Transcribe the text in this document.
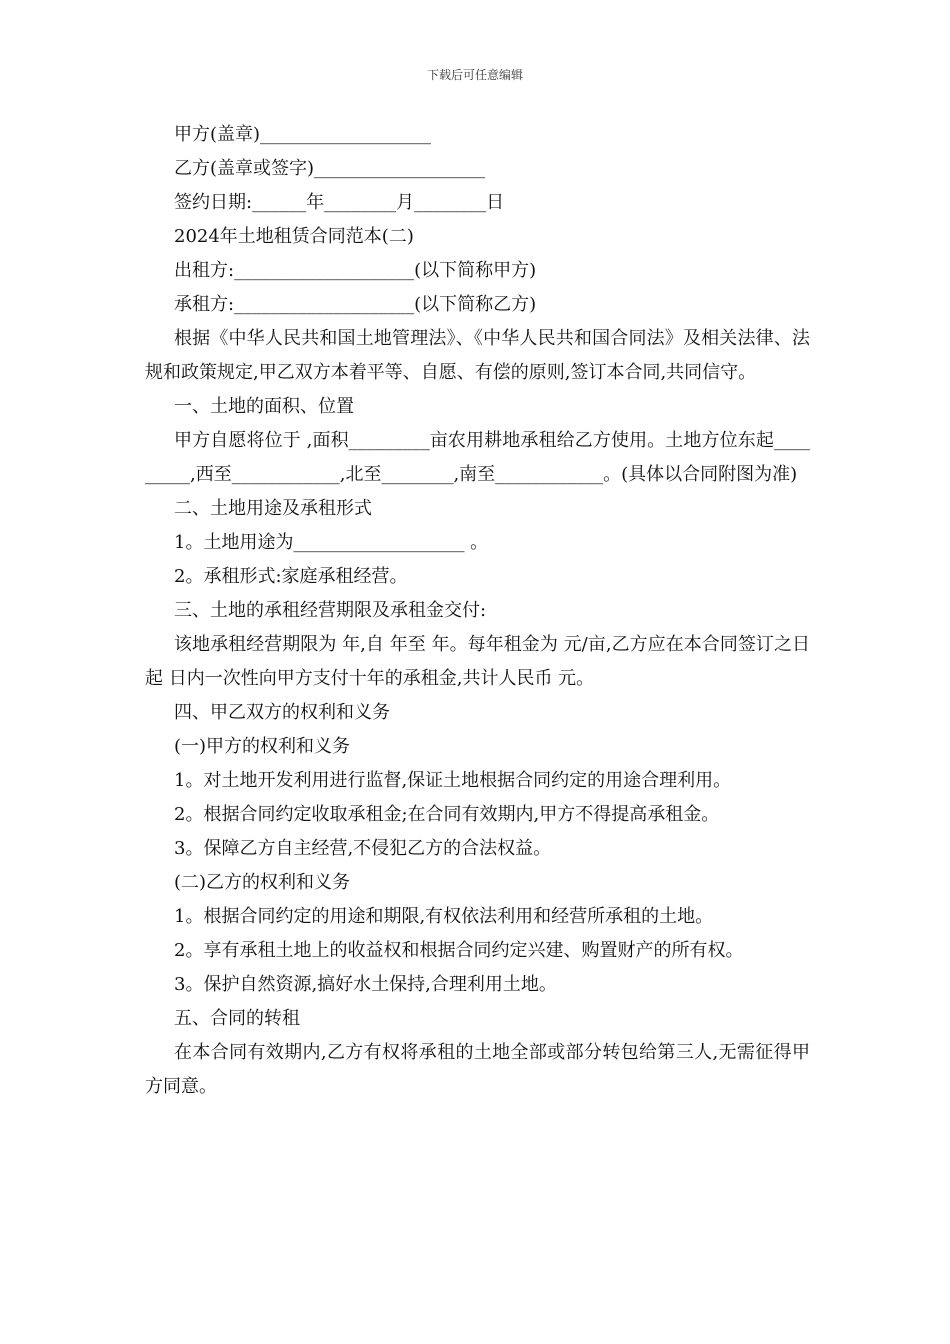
下载后可任意编辑
甲方(盖章)___________________
乙方(盖章或签字)___________________
签约日期:______年________月________日
2024年土地租赁合同范本(二)
出租方:____________________(以下简称甲方)
承租方:____________________(以下简称乙方)
根据《中华人民共和国土地管理法》、《中华人民共和国合同法》及相关法律、法规和政策规定,甲乙双方本着平等、自愿、有偿的原则,签订本合同,共同信守。
一、土地的面积、位置
甲方自愿将位于 ,面积_________亩农用耕地承租给乙方使用。土地方位东起_________,西至____________,北至________,南至____________。(具体以合同附图为准)
二、土地用途及承租形式
1。土地用途为___________________ 。
2。承租形式:家庭承租经营。
三、土地的承租经营期限及承租金交付:
该地承租经营期限为 年,自 年至 年。每年租金为 元/亩,乙方应在本合同签订之日起 日内一次性向甲方支付十年的承租金,共计人民币 元。
四、甲乙双方的权利和义务
(一)甲方的权利和义务
1。对土地开发利用进行监督,保证土地根据合同约定的用途合理利用。
2。根据合同约定收取承租金;在合同有效期内,甲方不得提高承租金。
3。保障乙方自主经营,不侵犯乙方的合法权益。
(二)乙方的权利和义务
1。根据合同约定的用途和期限,有权依法利用和经营所承租的土地。
2。享有承租土地上的收益权和根据合同约定兴建、购置财产的所有权。
3。保护自然资源,搞好水土保持,合理利用土地。
五、合同的转租
在本合同有效期内,乙方有权将承租的土地全部或部分转包给第三人,无需征得甲方同意。
